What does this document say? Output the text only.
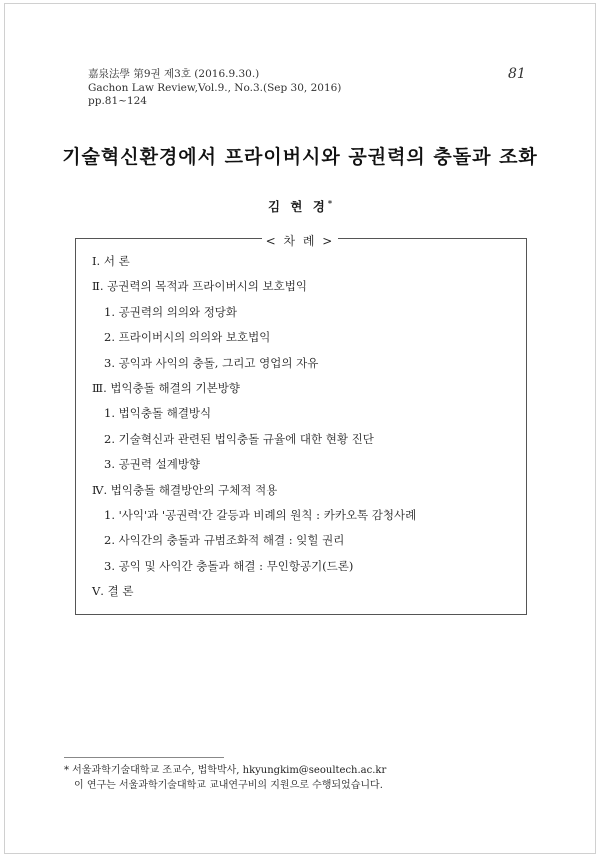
嘉泉法學 第9권 제3호 (2016.9.30.)
Gachon Law Review,Vol.9., No.3.(Sep 30, 2016)
pp.81~124
81
기술혁신환경에서 프라이버시와 공권력의 충돌과 조화
김 현 경*
< 차 례 >
Ⅰ. 서 론
Ⅱ. 공권력의 목적과 프라이버시의 보호법익
1. 공권력의 의의와 정당화
2. 프라이버시의 의의와 보호법익
3. 공익과 사익의 충돌, 그리고 영업의 자유
Ⅲ. 법익충돌 해결의 기본방향
1. 법익충돌 해결방식
2. 기술혁신과 관련된 법익충돌 규율에 대한 현황 진단
3. 공권력 설계방향
Ⅳ. 법익충돌 해결방안의 구체적 적용
1. '사익'과 '공권력'간 갈등과 비례의 원칙 : 카카오톡 감청사례
2. 사익간의 충돌과 규범조화적 해결 : 잊힐 권리
3. 공익 및 사익간 충돌과 해결 : 무인항공기(드론)
Ⅴ. 결 론
* 서울과학기술대학교 조교수, 법학박사, hkyungkim@seoultech.ac.kr
이 연구는 서울과학기술대학교 교내연구비의 지원으로 수행되었습니다.
